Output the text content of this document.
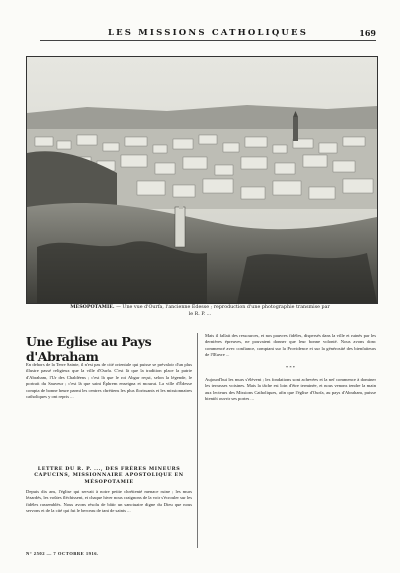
LES MISSIONS CATHOLIQUES	169
MÉSOPOTAMIE. — Une vue d'Ourfa, l'ancienne Édesse ; reproduction d'une photographie transmise par le R. P. ...
Une Eglise au Pays d'Abraham
En dehors de la Terre Sainte, il n'est pas de cité orientale qui puisse se prévaloir d'un plus illustre passé religieux que la ville d'Ourfa. C'est là que la tradition place la patrie d'Abraham, l'Ur des Chaldéens ; c'est là que le roi Abgar reçut, selon la légende, le portrait du Sauveur ; c'est là que saint Éphrem enseigna et mourut. La ville d'Édesse compta de bonne heure parmi les centres chrétiens les plus florissants et les missionnaires catholiques y ont repris ...
LETTRE DU R. P. ..., DES FRÈRES MINEURS CAPUCINS, MISSIONNAIRE APOSTOLIQUE EN MÉSOPOTAMIE
Depuis dix ans, l'église qui servait à notre petite chrétienté menace ruine ; les murs lézardés, les voûtes fléchissent, et chaque hiver nous craignons de la voir s'écrouler sur les fidèles rassemblés. Nous avons résolu de bâtir un sanctuaire digne du Dieu que nous servons et de la cité qui fut le berceau de tant de saints ...
Mais il fallait des ressources, et nos pauvres fidèles, dispersés dans la ville et ruinés par les dernières épreuves, ne pouvaient donner que leur bonne volonté. Nous avons donc commencé avec confiance, comptant sur la Providence et sur la générosité des bienfaiteurs de l'Œuvre ...
* * *
Aujourd'hui les murs s'élèvent ; les fondations sont achevées et la nef commence à dominer les terrasses voisines. Mais la tâche est loin d'être terminée, et nous venons tendre la main aux lecteurs des Missions Catholiques, afin que l'église d'Ourfa, au pays d'Abraham, puisse bientôt ouvrir ses portes ...
N° 2502 — 7 OCTOBRE 1916.
